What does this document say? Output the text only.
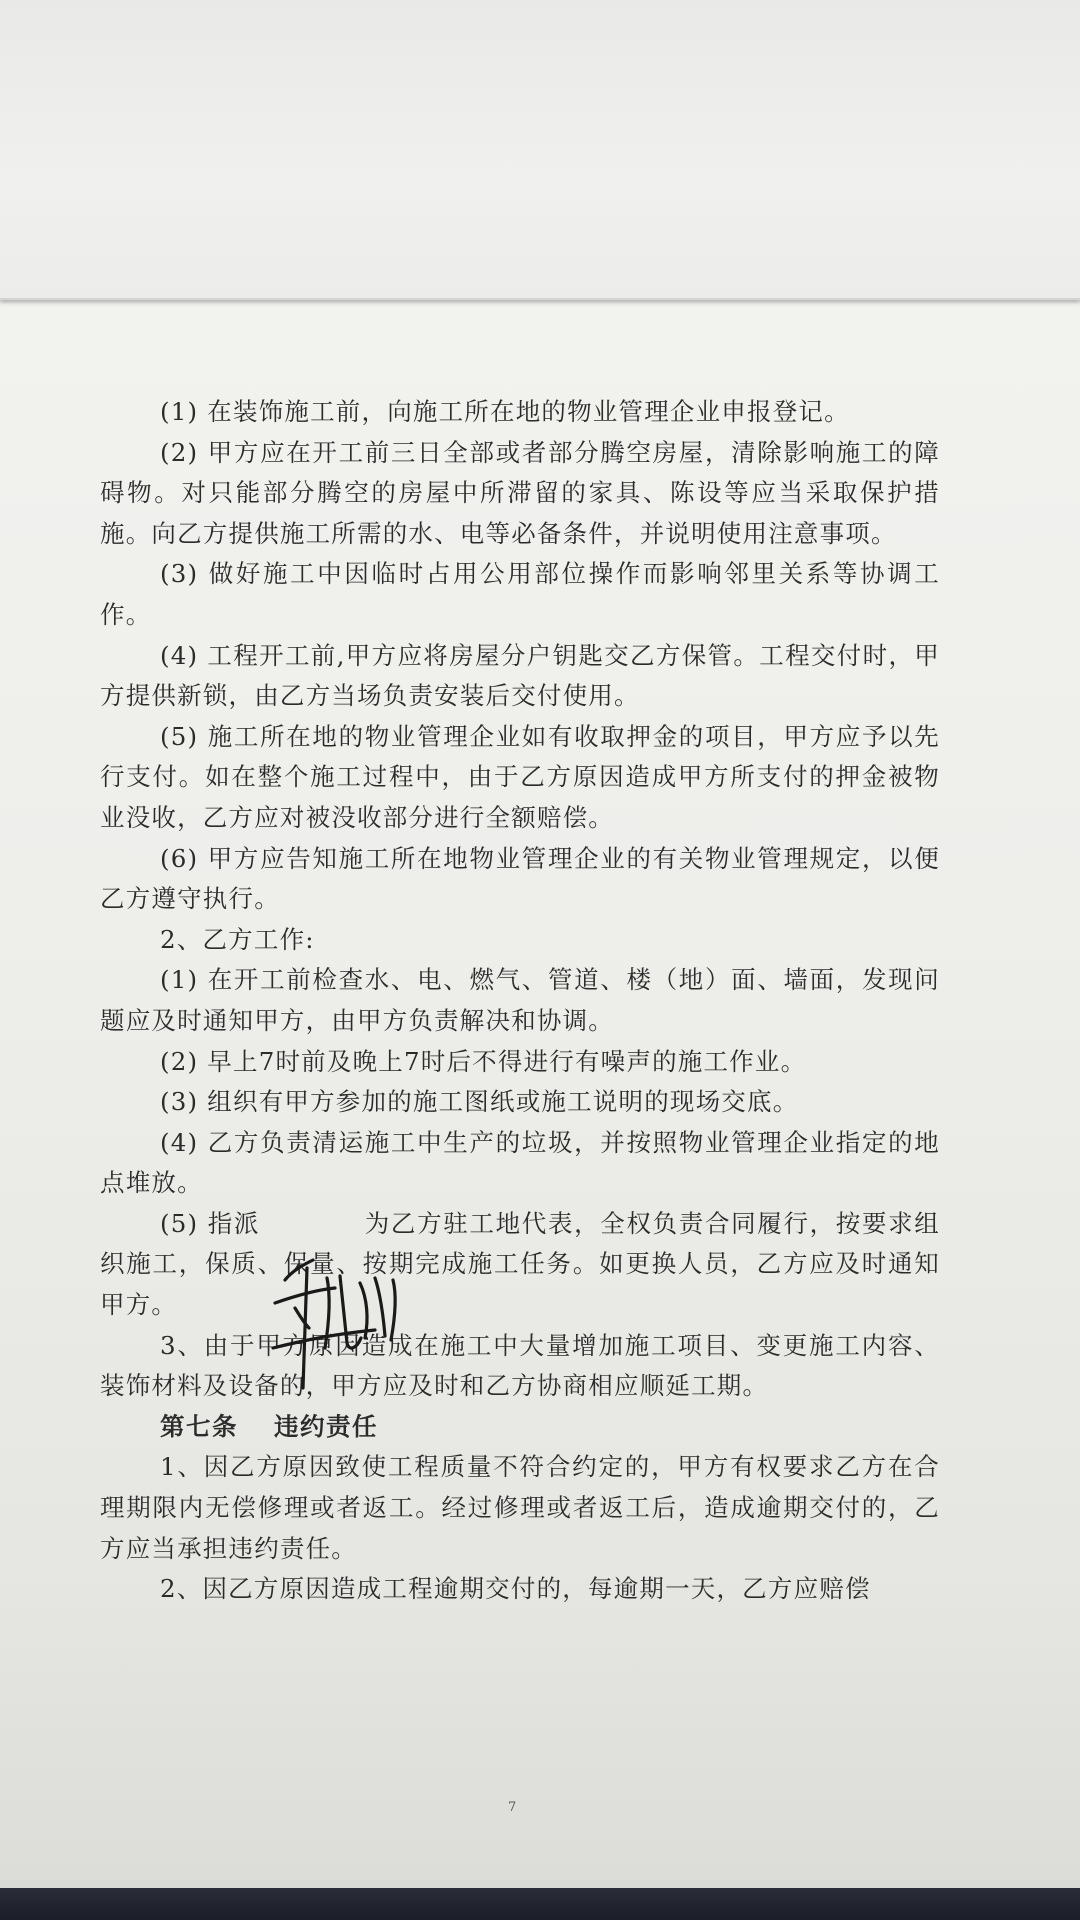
(1) 在装饰施工前，向施工所在地的物业管理企业申报登记。

(2) 甲方应在开工前三日全部或者部分腾空房屋，清除影响施工的障碍物。对只能部分腾空的房屋中所滞留的家具、陈设等应当采取保护措施。向乙方提供施工所需的水、电等必备条件，并说明使用注意事项。

(3) 做好施工中因临时占用公用部位操作而影响邻里关系等协调工作。

(4) 工程开工前,甲方应将房屋分户钥匙交乙方保管。工程交付时，甲方提供新锁，由乙方当场负责安装后交付使用。

(5) 施工所在地的物业管理企业如有收取押金的项目，甲方应予以先行支付。如在整个施工过程中，由于乙方原因造成甲方所支付的押金被物业没收，乙方应对被没收部分进行全额赔偿。

(6) 甲方应告知施工所在地物业管理企业的有关物业管理规定，以便乙方遵守执行。

2、乙方工作:

(1) 在开工前检查水、电、燃气、管道、楼（地）面、墙面，发现问题应及时通知甲方，由甲方负责解决和协调。

(2) 早上7时前及晚上7时后不得进行有噪声的施工作业。

(3) 组织有甲方参加的施工图纸或施工说明的现场交底。

(4) 乙方负责清运施工中生产的垃圾，并按照物业管理企业指定的地点堆放。

(5) 指派　　　　为乙方驻工地代表，全权负责合同履行，按要求组织施工，保质、保量、按期完成施工任务。如更换人员，乙方应及时通知甲方。

3、由于甲方原因造成在施工中大量增加施工项目、变更施工内容、装饰材料及设备的，甲方应及时和乙方协商相应顺延工期。

第七条 违约责任

1、因乙方原因致使工程质量不符合约定的，甲方有权要求乙方在合理期限内无偿修理或者返工。经过修理或者返工后，造成逾期交付的，乙方应当承担违约责任。

2、因乙方原因造成工程逾期交付的，每逾期一天，乙方应赔偿

7
